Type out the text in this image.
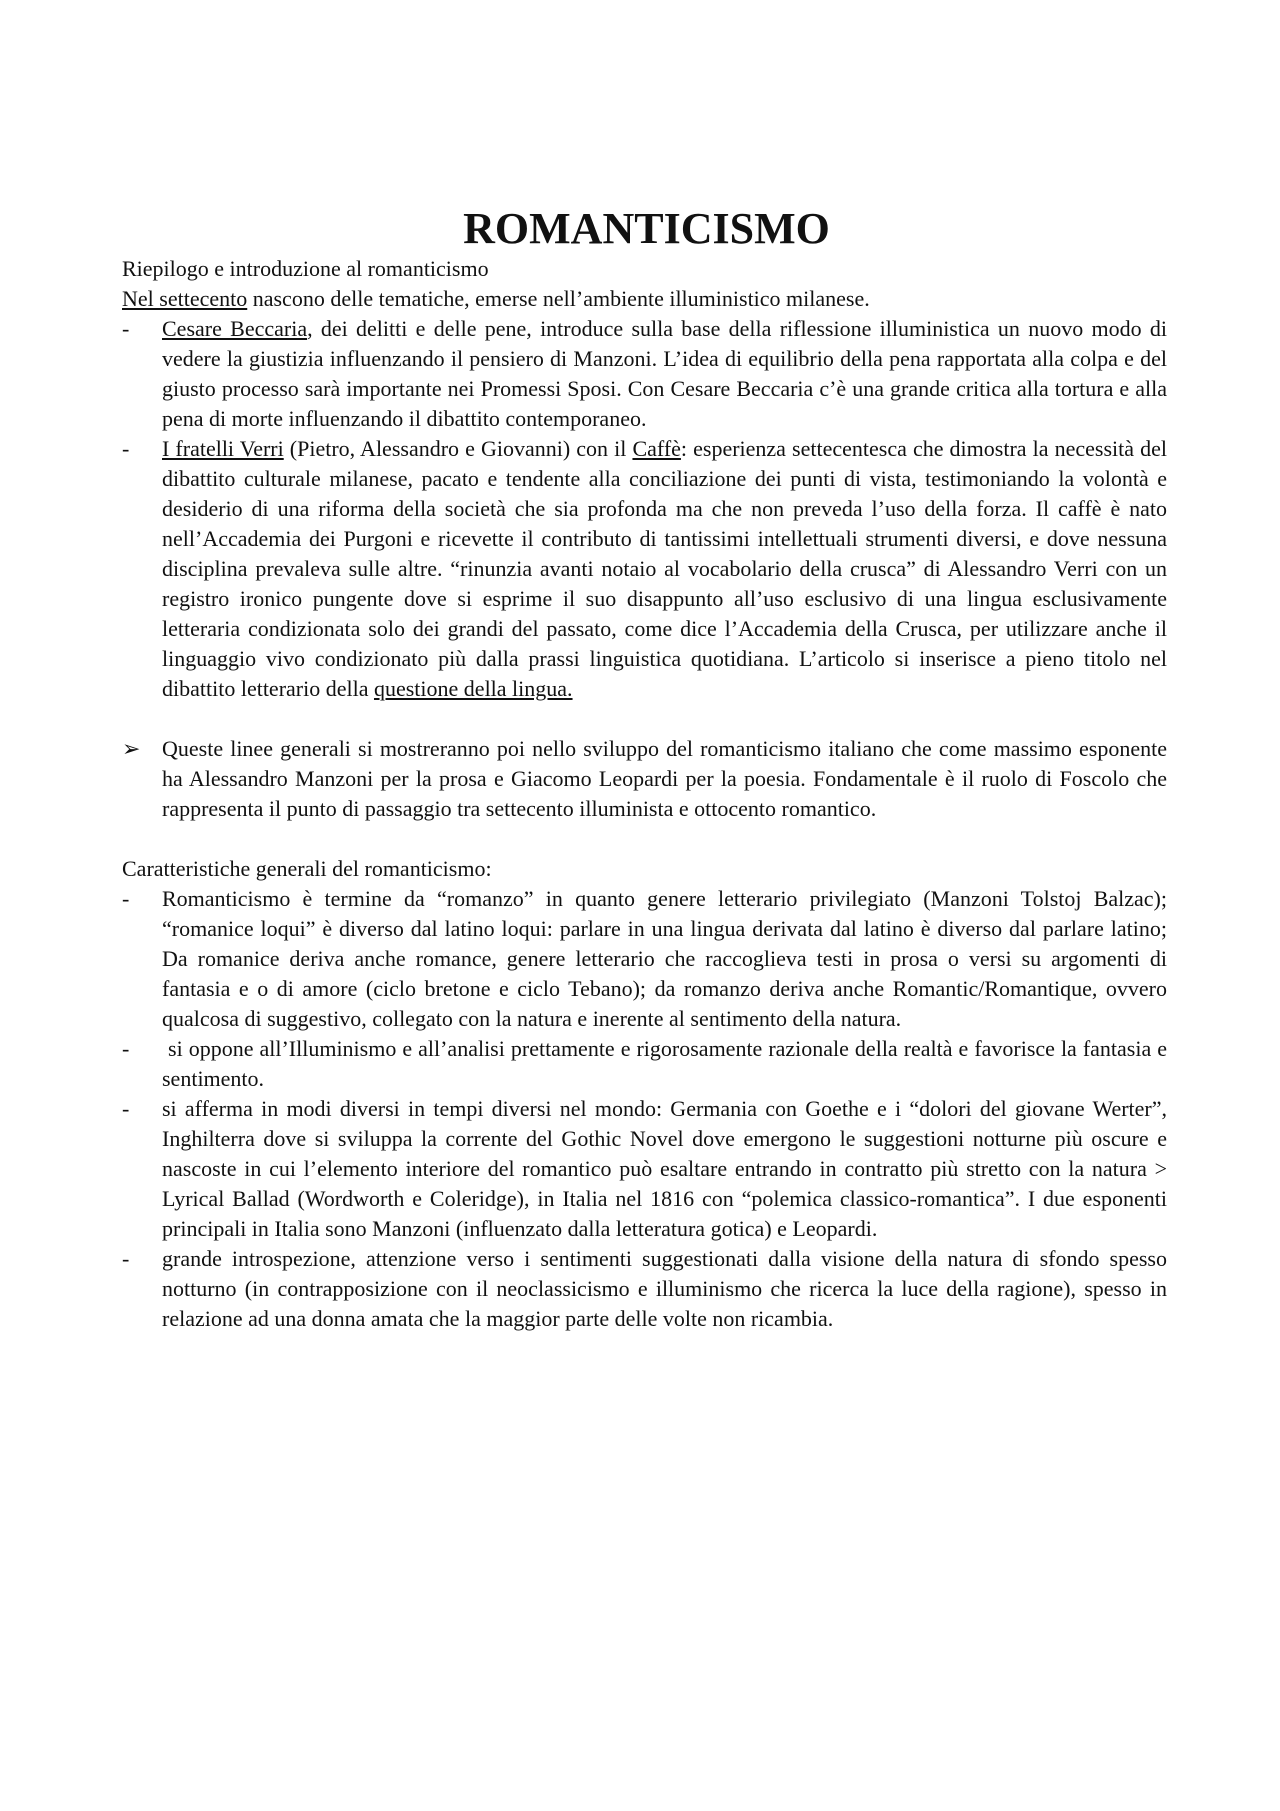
ROMANTICISMO

Riepilogo e introduzione al romanticismo

Nel settecento nascono delle tematiche, emerse nell’ambiente illuministico milanese.

-	Cesare Beccaria, dei delitti e delle pene, introduce sulla base della riflessione illuministica un nuovo modo di vedere la giustizia influenzando il pensiero di Manzoni. L’idea di equilibrio della pena rapportata alla colpa e del giusto processo sarà importante nei Promessi Sposi. Con Cesare Beccaria c’è una grande critica alla tortura e alla pena di morte influenzando il dibattito contemporaneo.
-	I fratelli Verri (Pietro, Alessandro e Giovanni) con il Caffè: esperienza settecentesca che dimostra la necessità del dibattito culturale milanese, pacato e tendente alla conciliazione dei punti di vista, testimoniando la volontà e desiderio di una riforma della società che sia profonda ma che non preveda l’uso della forza. Il caffè è nato nell’Accademia dei Purgoni e ricevette il contributo di tantissimi intellettuali strumenti diversi, e dove nessuna disciplina prevaleva sulle altre. “rinunzia avanti notaio al vocabolario della crusca” di Alessandro Verri con un registro ironico pungente dove si esprime il suo disappunto all’uso esclusivo di una lingua esclusivamente letteraria condizionata solo dei grandi del passato, come dice l’Accademia della Crusca, per utilizzare anche il linguaggio vivo condizionato più dalla prassi linguistica quotidiana. L’articolo si inserisce a pieno titolo nel dibattito letterario della questione della lingua.
➢ Queste linee generali si mostreranno poi nello sviluppo del romanticismo italiano che come massimo esponente ha Alessandro Manzoni per la prosa e Giacomo Leopardi per la poesia. Fondamentale è il ruolo di Foscolo che rappresenta il punto di passaggio tra settecento illuminista e ottocento romantico.

Caratteristiche generali del romanticismo:

-	Romanticismo è termine da “romanzo” in quanto genere letterario privilegiato (Manzoni Tolstoj Balzac); “romanice loqui” è diverso dal latino loqui: parlare in una lingua derivata dal latino è diverso dal parlare latino; Da romanice deriva anche romance, genere letterario che raccoglieva testi in prosa o versi su argomenti di fantasia e o di amore (ciclo bretone e ciclo Tebano); da romanzo deriva anche Romantic/Romantique, ovvero qualcosa di suggestivo, collegato con la natura e inerente al sentimento della natura.
-	si oppone all’Illuminismo e all’analisi prettamente e rigorosamente razionale della realtà e favorisce la fantasia e sentimento.
-	si afferma in modi diversi in tempi diversi nel mondo: Germania con Goethe e i “dolori del giovane Werter”, Inghilterra dove si sviluppa la corrente del Gothic Novel dove emergono le suggestioni notturne più oscure e nascoste in cui l’elemento interiore del romantico può esaltare entrando in contratto più stretto con la natura > Lyrical Ballad (Wordworth e Coleridge), in Italia nel 1816 con “polemica classico-romantica”. I due esponenti principali in Italia sono Manzoni (influenzato dalla letteratura gotica) e Leopardi.
-	grande introspezione, attenzione verso i sentimenti suggestionati dalla visione della natura di sfondo spesso notturno (in contrapposizione con il neoclassicismo e illuminismo che ricerca la luce della ragione), spesso in relazione ad una donna amata che la maggior parte delle volte non ricambia.
